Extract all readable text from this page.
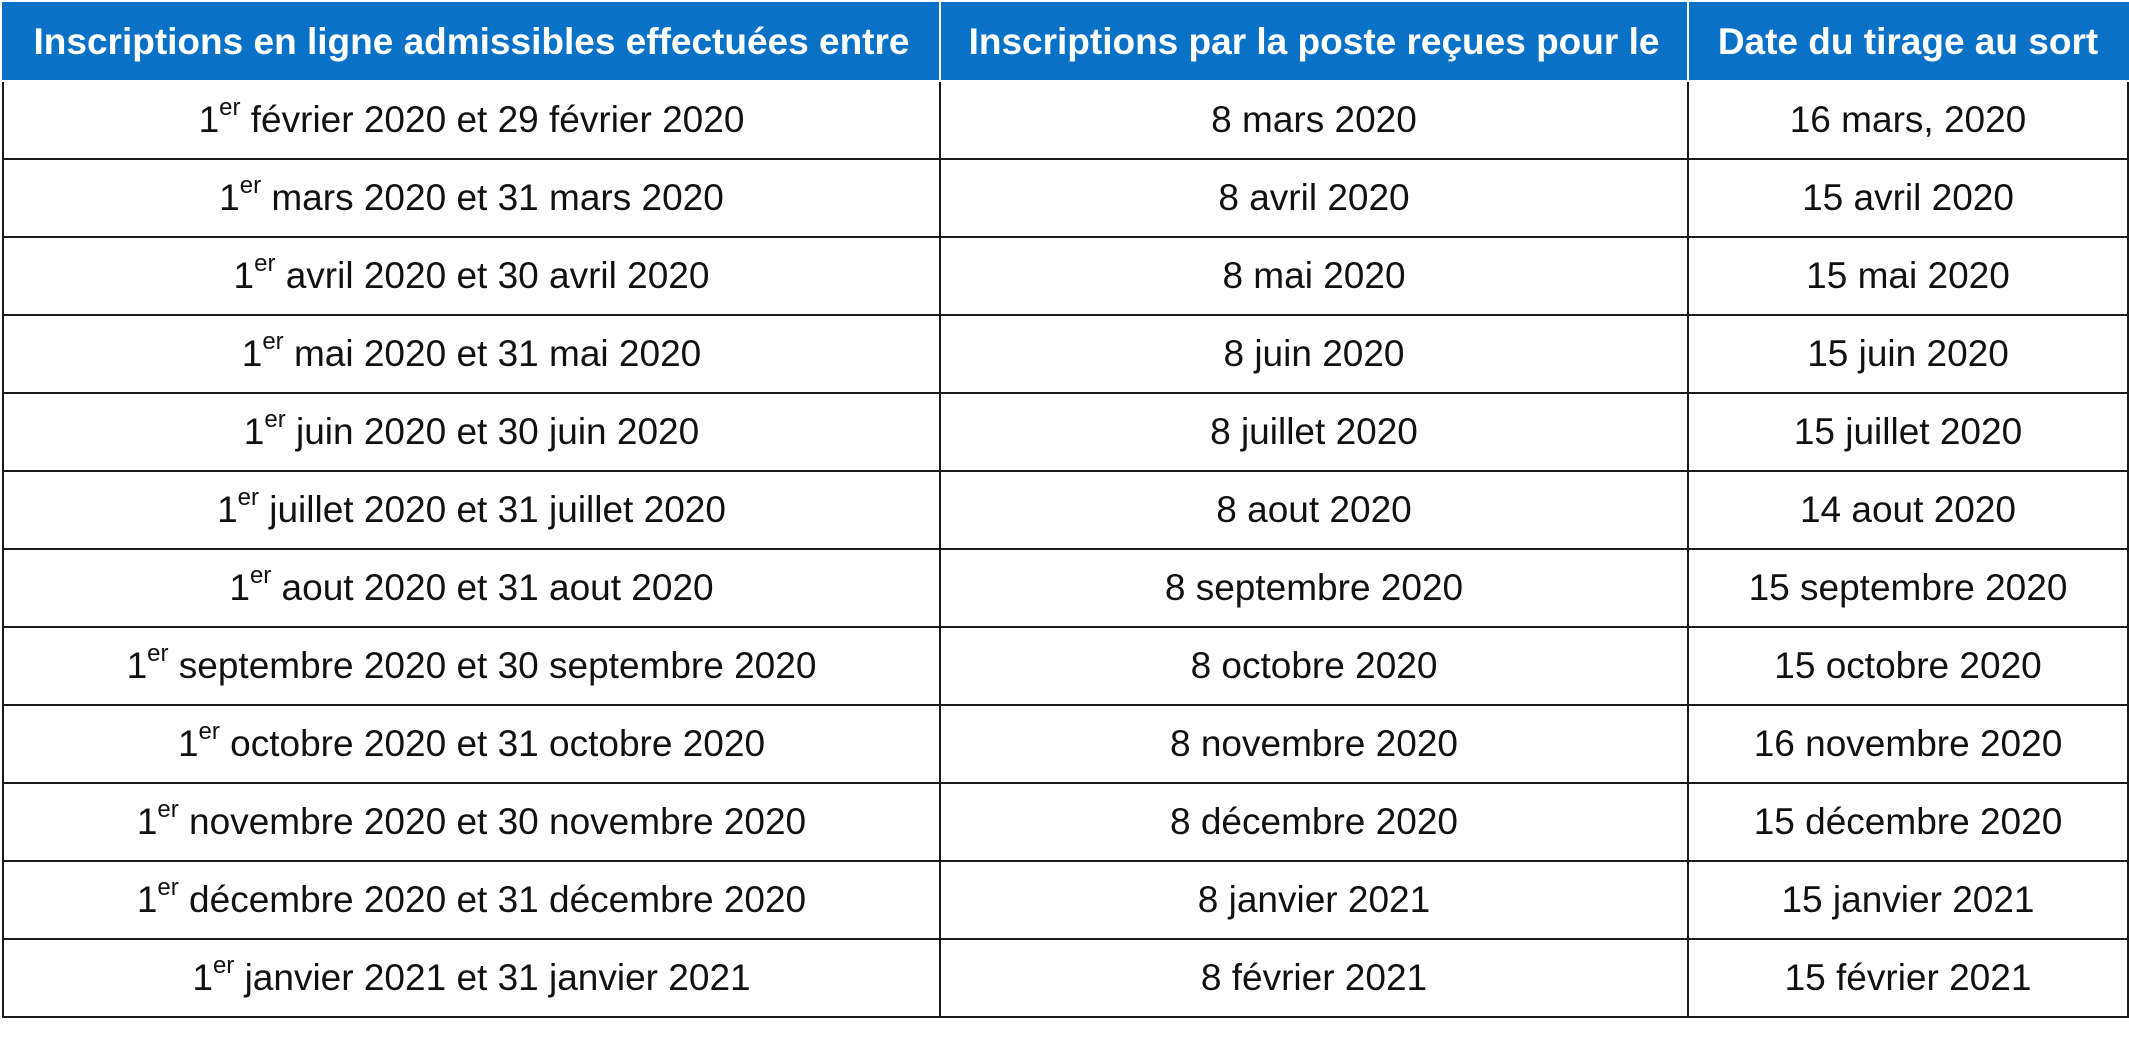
Inscriptions en ligne admissibles effectuées entre	Inscriptions par la poste reçues pour le	Date du tirage au sort
1er février 2020 et 29 février 2020	8 mars 2020	16 mars, 2020
1er mars 2020 et 31 mars 2020	8 avril 2020	15 avril 2020
1er avril 2020 et 30 avril 2020	8 mai 2020	15 mai 2020
1er mai 2020 et 31 mai 2020	8 juin 2020	15 juin 2020
1er juin 2020 et 30 juin 2020	8 juillet 2020	15 juillet 2020
1er juillet 2020 et 31 juillet 2020	8 aout 2020	14 aout 2020
1er aout 2020 et 31 aout 2020	8 septembre 2020	15 septembre 2020
1er septembre 2020 et 30 septembre 2020	8 octobre 2020	15 octobre 2020
1er octobre 2020 et 31 octobre 2020	8 novembre 2020	16 novembre 2020
1er novembre 2020 et 30 novembre 2020	8 décembre 2020	15 décembre 2020
1er décembre 2020 et 31 décembre 2020	8 janvier 2021	15 janvier 2021
1er janvier 2021 et 31 janvier 2021	8 février 2021	15 février 2021
